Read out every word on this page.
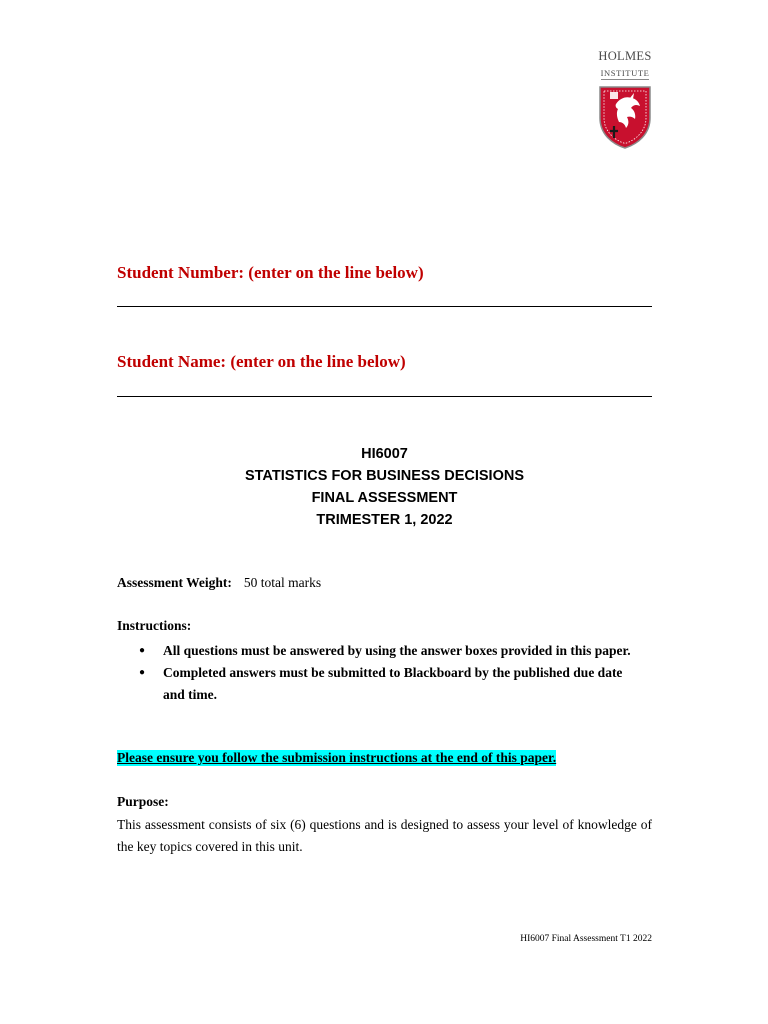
HOLMES
INSTITUTE
Student Number: (enter on the line below)
Student Name: (enter on the line below)
HI6007
STATISTICS FOR BUSINESS DECISIONS
FINAL ASSESSMENT
TRIMESTER 1, 2022
Assessment Weight: 50 total marks
Instructions:
● All questions must be answered by using the answer boxes provided in this paper.
● Completed answers must be submitted to Blackboard by the published due date and time.
Please ensure you follow the submission instructions at the end of this paper.
Purpose:
This assessment consists of six (6) questions and is designed to assess your level of knowledge of the key topics covered in this unit.
HI6007 Final Assessment T1 2022
